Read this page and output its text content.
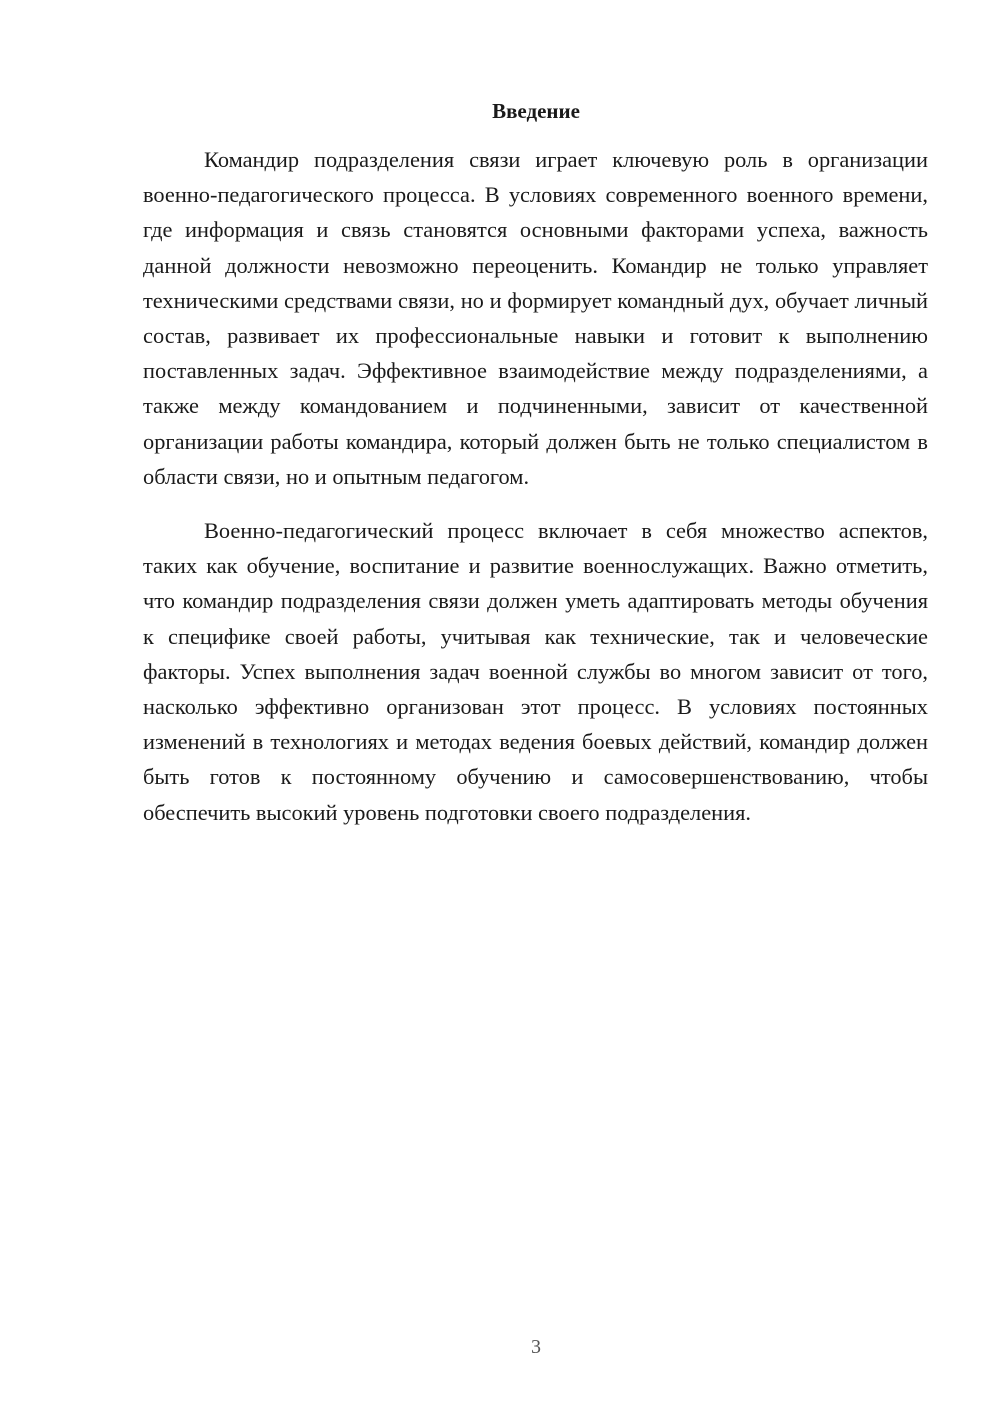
Введение

Командир подразделения связи играет ключевую роль в организации военно-педагогического процесса. В условиях современного военного времени, где информация и связь становятся основными факторами успеха, важность данной должности невозможно переоценить. Командир не только управляет техническими средствами связи, но и формирует командный дух, обучает личный состав, развивает их профессиональные навыки и готовит к выполнению поставленных задач. Эффективное взаимодействие между подразделениями, а также между командованием и подчиненными, зависит от качественной организации работы командира, который должен быть не только специалистом в области связи, но и опытным педагогом.

Военно-педагогический процесс включает в себя множество аспектов, таких как обучение, воспитание и развитие военнослужащих. Важно отметить, что командир подразделения связи должен уметь адаптировать методы обучения к специфике своей работы, учитывая как технические, так и человеческие факторы. Успех выполнения задач военной службы во многом зависит от того, насколько эффективно организован этот процесс. В условиях постоянных изменений в технологиях и методах ведения боевых действий, командир должен быть готов к постоянному обучению и самосовершенствованию, чтобы обеспечить высокий уровень подготовки своего подразделения.

3
